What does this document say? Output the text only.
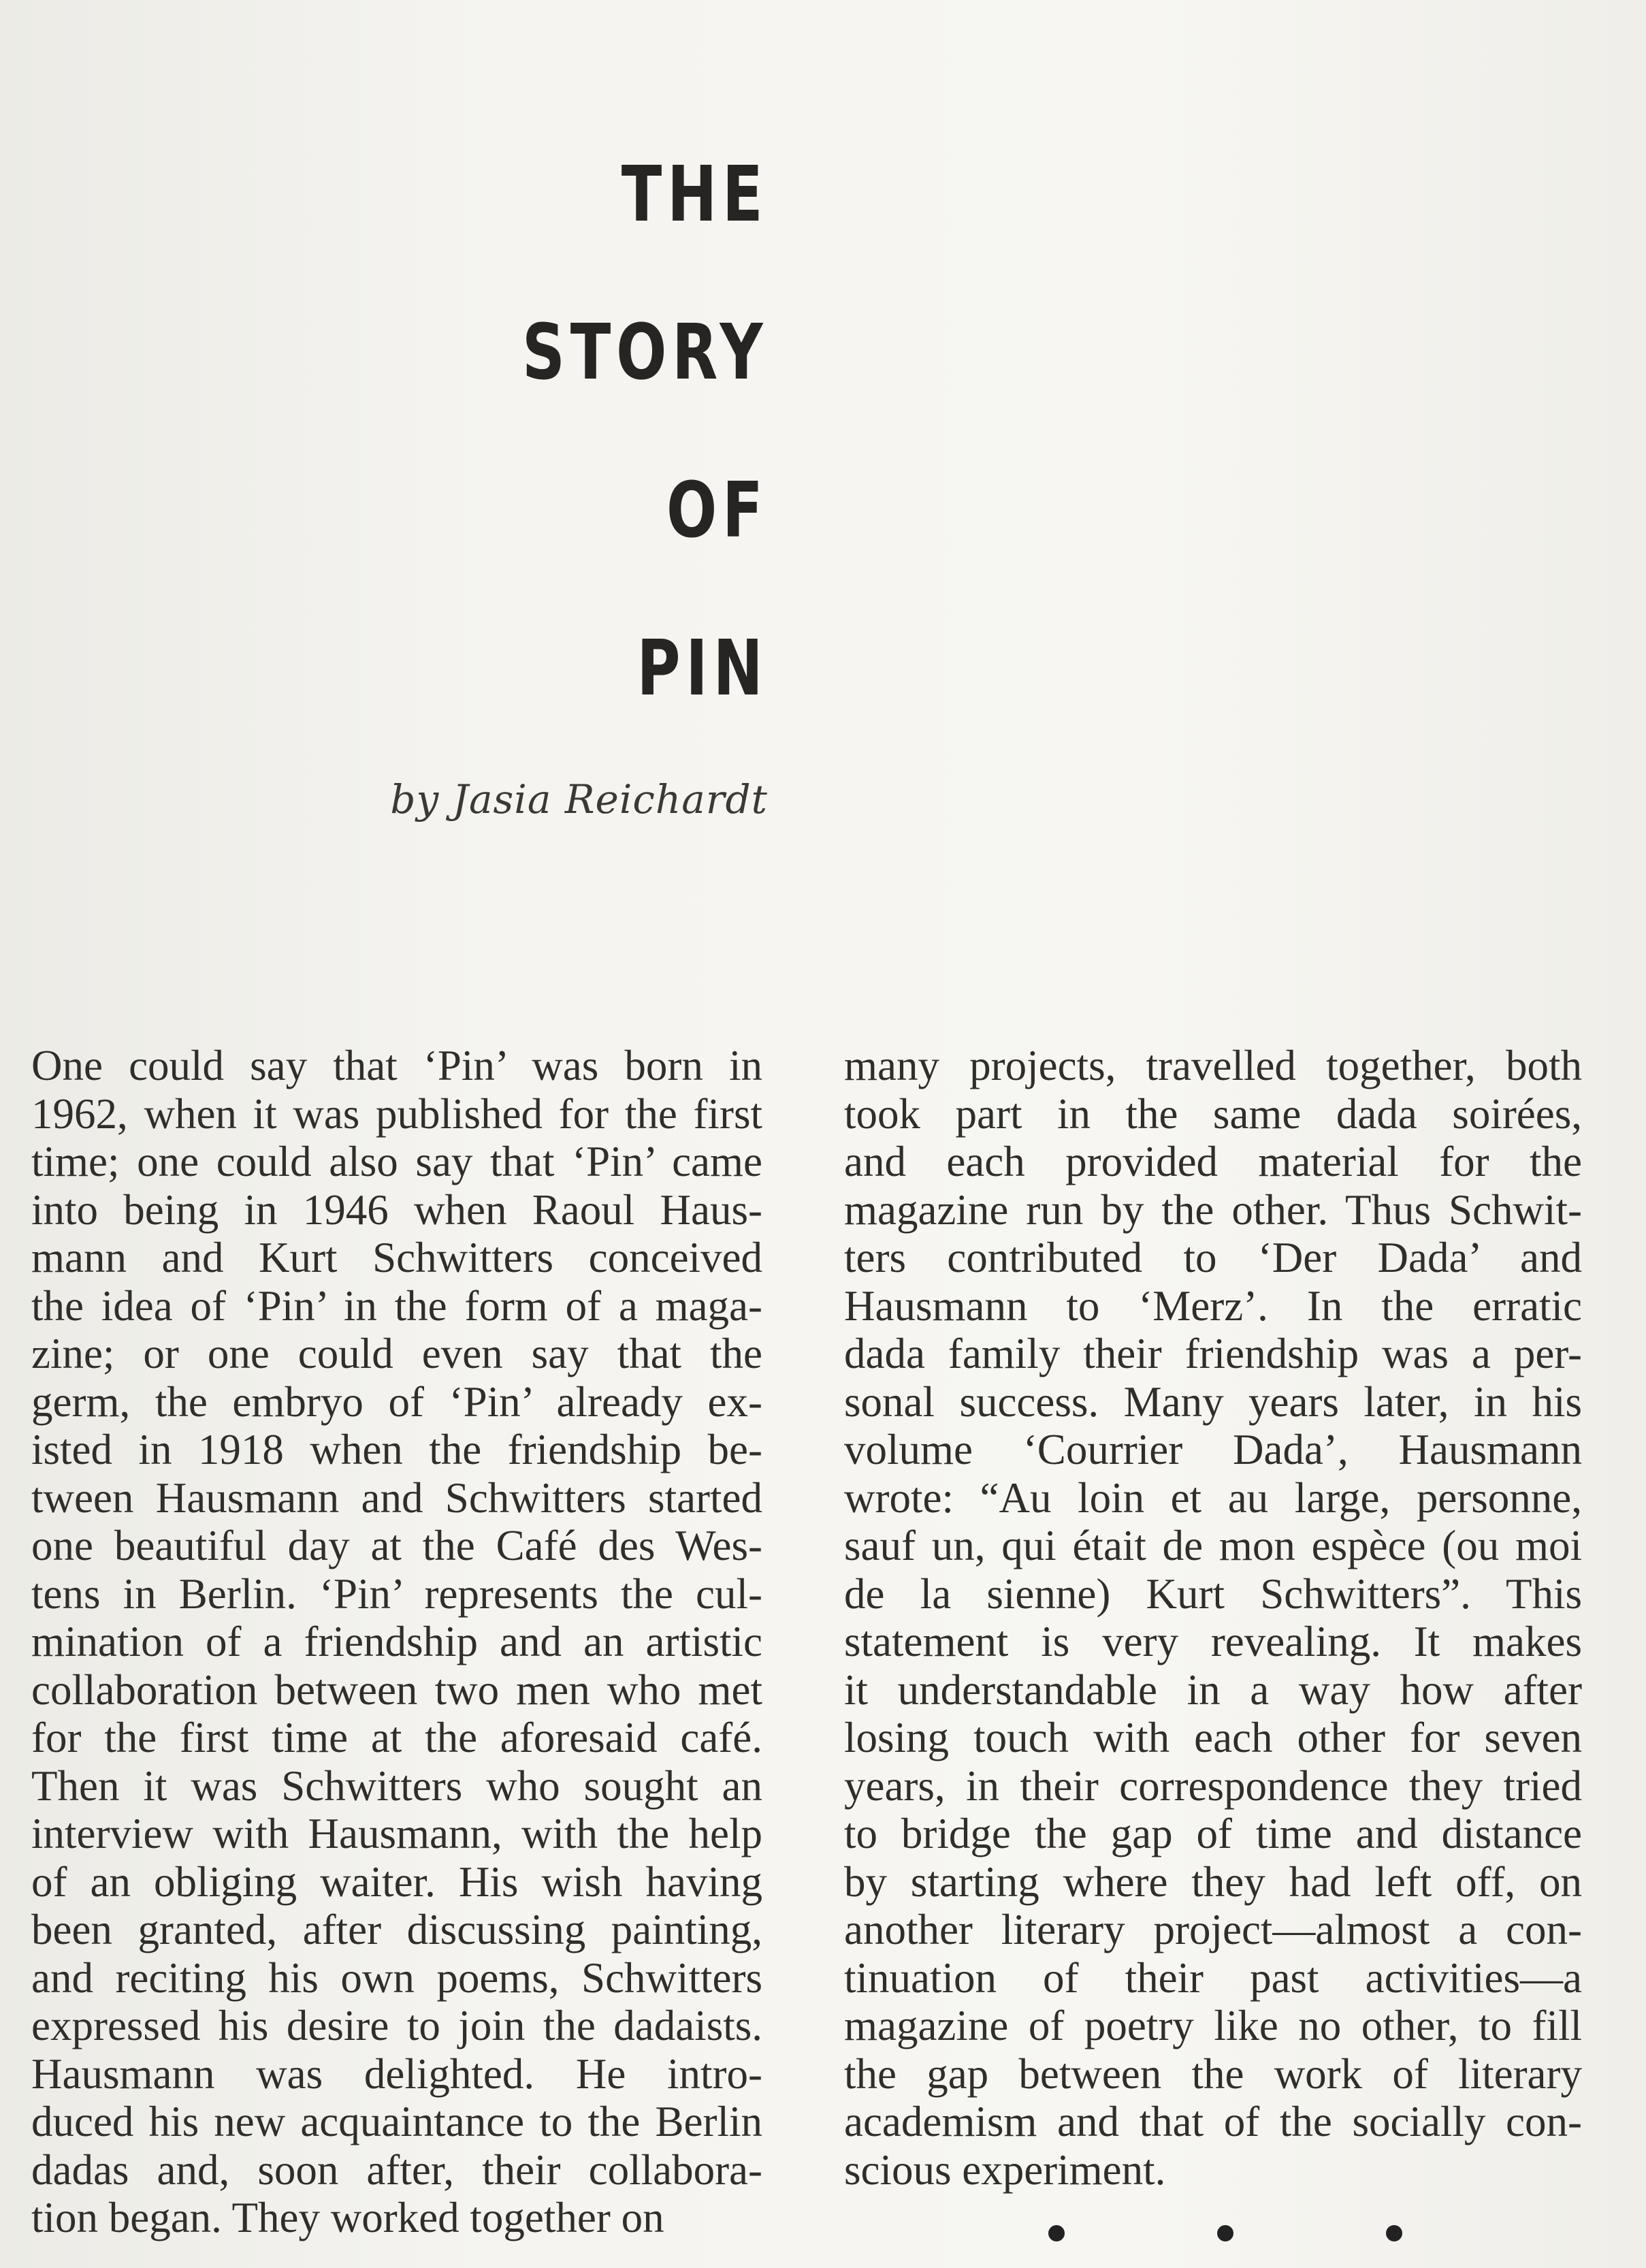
THE
STORY
OF
PIN
by Jasia Reichardt
One could say that ‘Pin’ was born in
1962, when it was published for the first
time; one could also say that ‘Pin’ came
into being in 1946 when Raoul Haus-
mann and Kurt Schwitters conceived
the idea of ‘Pin’ in the form of a maga-
zine; or one could even say that the
germ, the embryo of ‘Pin’ already ex-
isted in 1918 when the friendship be-
tween Hausmann and Schwitters started
one beautiful day at the Café des Wes-
tens in Berlin. ‘Pin’ represents the cul-
mination of a friendship and an artistic
collaboration between two men who met
for the first time at the aforesaid café.
Then it was Schwitters who sought an
interview with Hausmann, with the help
of an obliging waiter. His wish having
been granted, after discussing painting,
and reciting his own poems, Schwitters
expressed his desire to join the dadaists.
Hausmann was delighted. He intro-
duced his new acquaintance to the Berlin
dadas and, soon after, their collabora-
tion began. They worked together on
many projects, travelled together, both
took part in the same dada soirées,
and each provided material for the
magazine run by the other. Thus Schwit-
ters contributed to ‘Der Dada’ and
Hausmann to ‘Merz’. In the erratic
dada family their friendship was a per-
sonal success. Many years later, in his
volume ‘Courrier Dada’, Hausmann
wrote: “Au loin et au large, personne,
sauf un, qui était de mon espèce (ou moi
de la sienne) Kurt Schwitters”. This
statement is very revealing. It makes
it understandable in a way how after
losing touch with each other for seven
years, in their correspondence they tried
to bridge the gap of time and distance
by starting where they had left off, on
another literary project—almost a con-
tinuation of their past activities—a
magazine of poetry like no other, to fill
the gap between the work of literary
academism and that of the socially con-
scious experiment.
